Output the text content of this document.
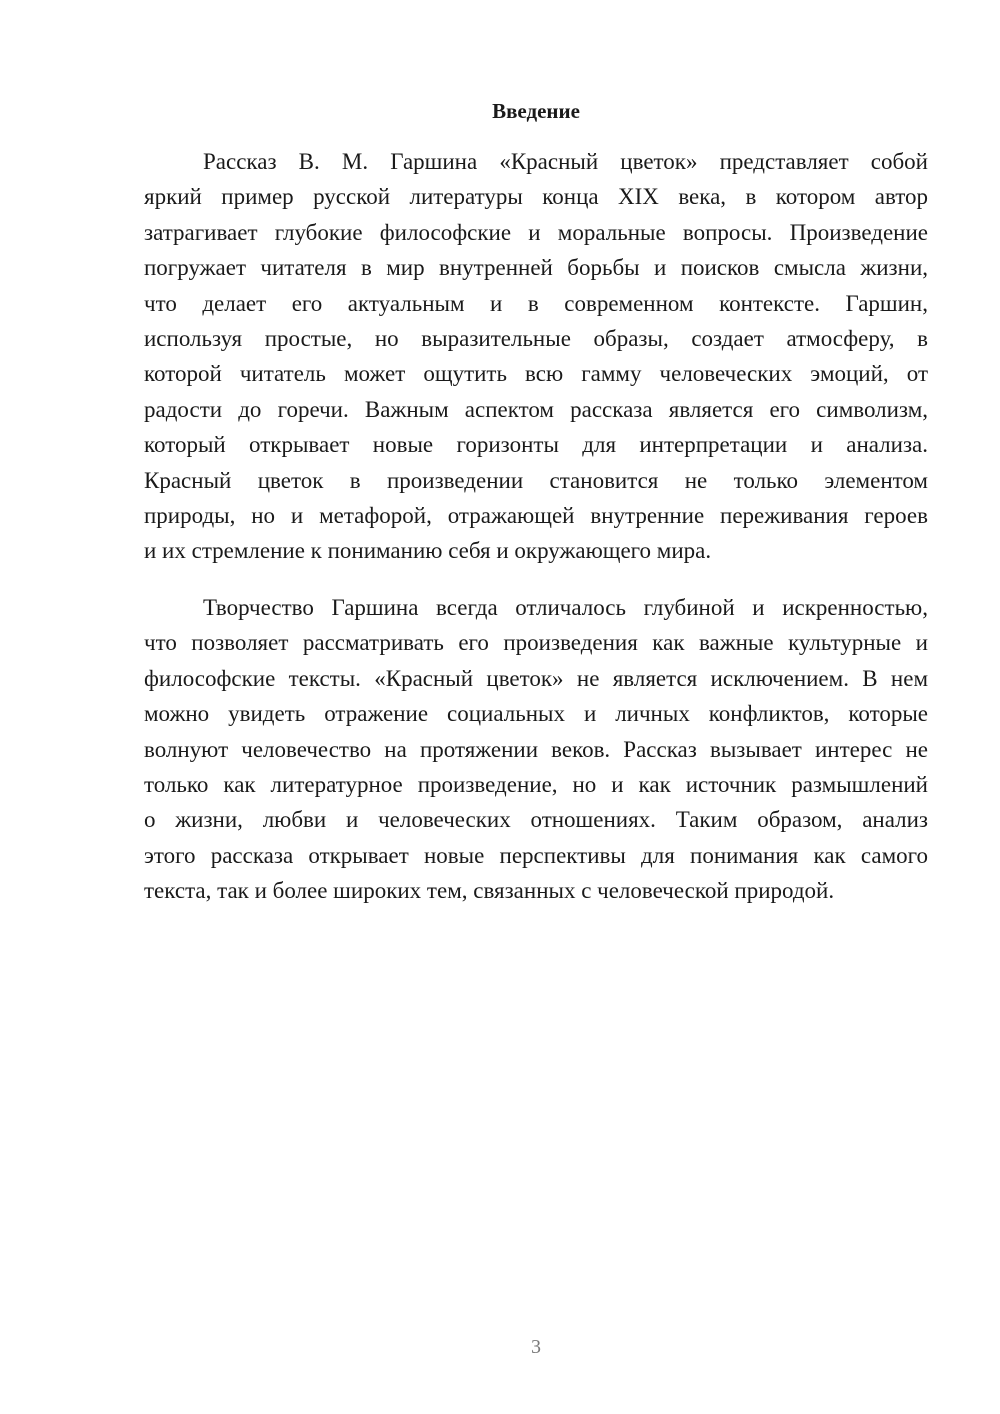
Введение

Рассказ В. М. Гаршина «Красный цветок» представляет собой
яркий пример русской литературы конца XIX века, в котором автор
затрагивает глубокие философские и моральные вопросы. Произведение
погружает читателя в мир внутренней борьбы и поисков смысла жизни,
что делает его актуальным и в современном контексте. Гаршин,
используя простые, но выразительные образы, создает атмосферу, в
которой читатель может ощутить всю гамму человеческих эмоций, от
радости до горечи. Важным аспектом рассказа является его символизм,
который открывает новые горизонты для интерпретации и анализа.
Красный цветок в произведении становится не только элементом
природы, но и метафорой, отражающей внутренние переживания героев
и их стремление к пониманию себя и окружающего мира.

Творчество Гаршина всегда отличалось глубиной и искренностью,
что позволяет рассматривать его произведения как важные культурные и
философские тексты. «Красный цветок» не является исключением. В нем
можно увидеть отражение социальных и личных конфликтов, которые
волнуют человечество на протяжении веков. Рассказ вызывает интерес не
только как литературное произведение, но и как источник размышлений
о жизни, любви и человеческих отношениях. Таким образом, анализ
этого рассказа открывает новые перспективы для понимания как самого
текста, так и более широких тем, связанных с человеческой природой.

3
